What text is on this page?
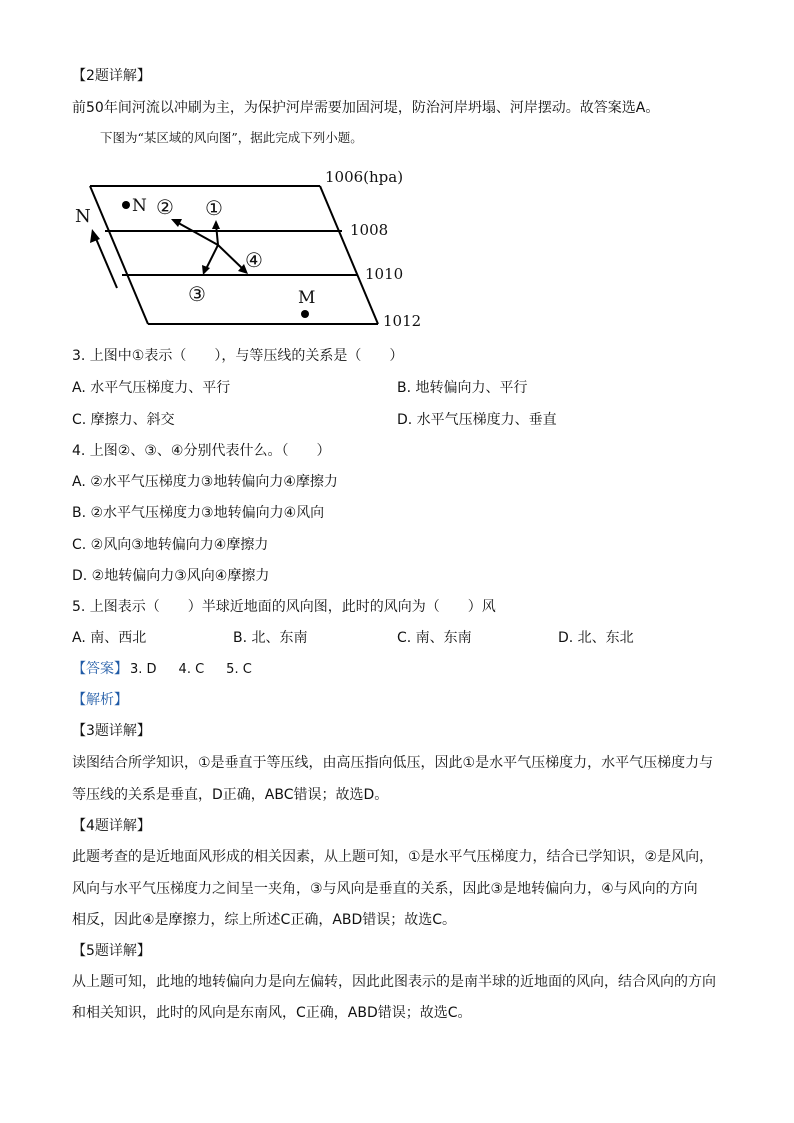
【2题详解】
前50年间河流以冲刷为主，为保护河岸需要加固河堤，防治河岸坍塌、河岸摆动。故答案选A。
下图为“某区域的风向图”，据此完成下列小题。
1006(hpa)
1008
1010
1012
N N
M
② ①
④
③
3. 上图中①表示（　　），与等压线的关系是（　　）
A. 水平气压梯度力、平行	B. 地转偏向力、平行
C. 摩擦力、斜交	D. 水平气压梯度力、垂直
4. 上图②、③、④分别代表什么。（　　）
A. ②水平气压梯度力③地转偏向力④摩擦力
B. ②水平气压梯度力③地转偏向力④风向
C. ②风向③地转偏向力④摩擦力
D. ②地转偏向力③风向④摩擦力
5. 上图表示（　　）半球近地面的风向图，此时的风向为（　　）风
A. 南、西北	B. 北、东南	C. 南、东南	D. 北、东北
【答案】 3. D 4. C 5. C
【解析】
【3题详解】
读图结合所学知识，①是垂直于等压线，由高压指向低压，因此①是水平气压梯度力，水平气压梯度力与
等压线的关系是垂直，D正确，ABC错误；故选D。
【4题详解】
此题考查的是近地面风形成的相关因素，从上题可知，①是水平气压梯度力，结合已学知识，②是风向，
风向与水平气压梯度力之间呈一夹角，③与风向是垂直的关系，因此③是地转偏向力，④与风向的方向
相反，因此④是摩擦力，综上所述C正确，ABD错误；故选C。
【5题详解】
从上题可知，此地的地转偏向力是向左偏转，因此此图表示的是南半球的近地面的风向，结合风向的方向
和相关知识，此时的风向是东南风，C正确，ABD错误；故选C。
